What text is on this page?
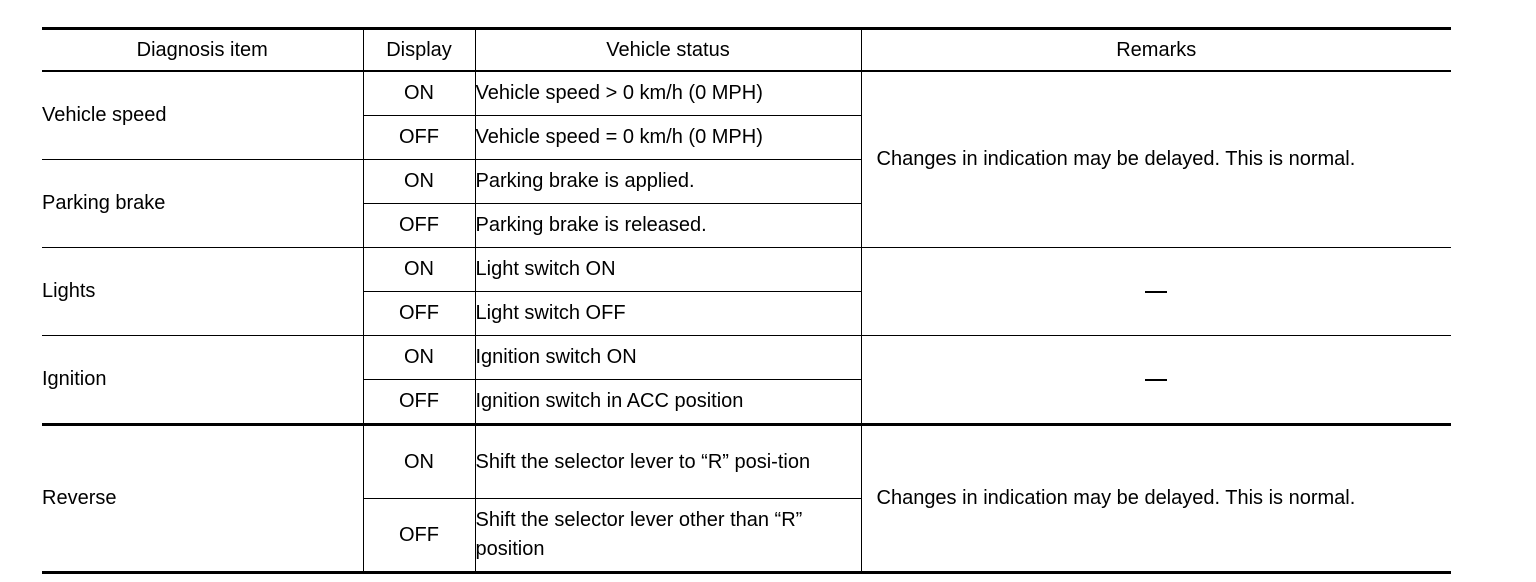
Diagnosis item	Display	Vehicle status	Remarks
Vehicle speed	ON	Vehicle speed > 0 km/h (0 MPH)	Changes in indication may be delayed. This is normal.
	OFF	Vehicle speed = 0 km/h (0 MPH)	
Parking brake	ON	Parking brake is applied.	
	OFF	Parking brake is released.	
Lights	ON	Light switch ON	
	OFF	Light switch OFF	
Ignition	ON	Ignition switch ON	
	OFF	Ignition switch in ACC position	
Reverse	ON	Shift the selector lever to “R” posi-tion	Changes in indication may be delayed. This is normal.
	OFF	Shift the selector lever other than “R” position	
